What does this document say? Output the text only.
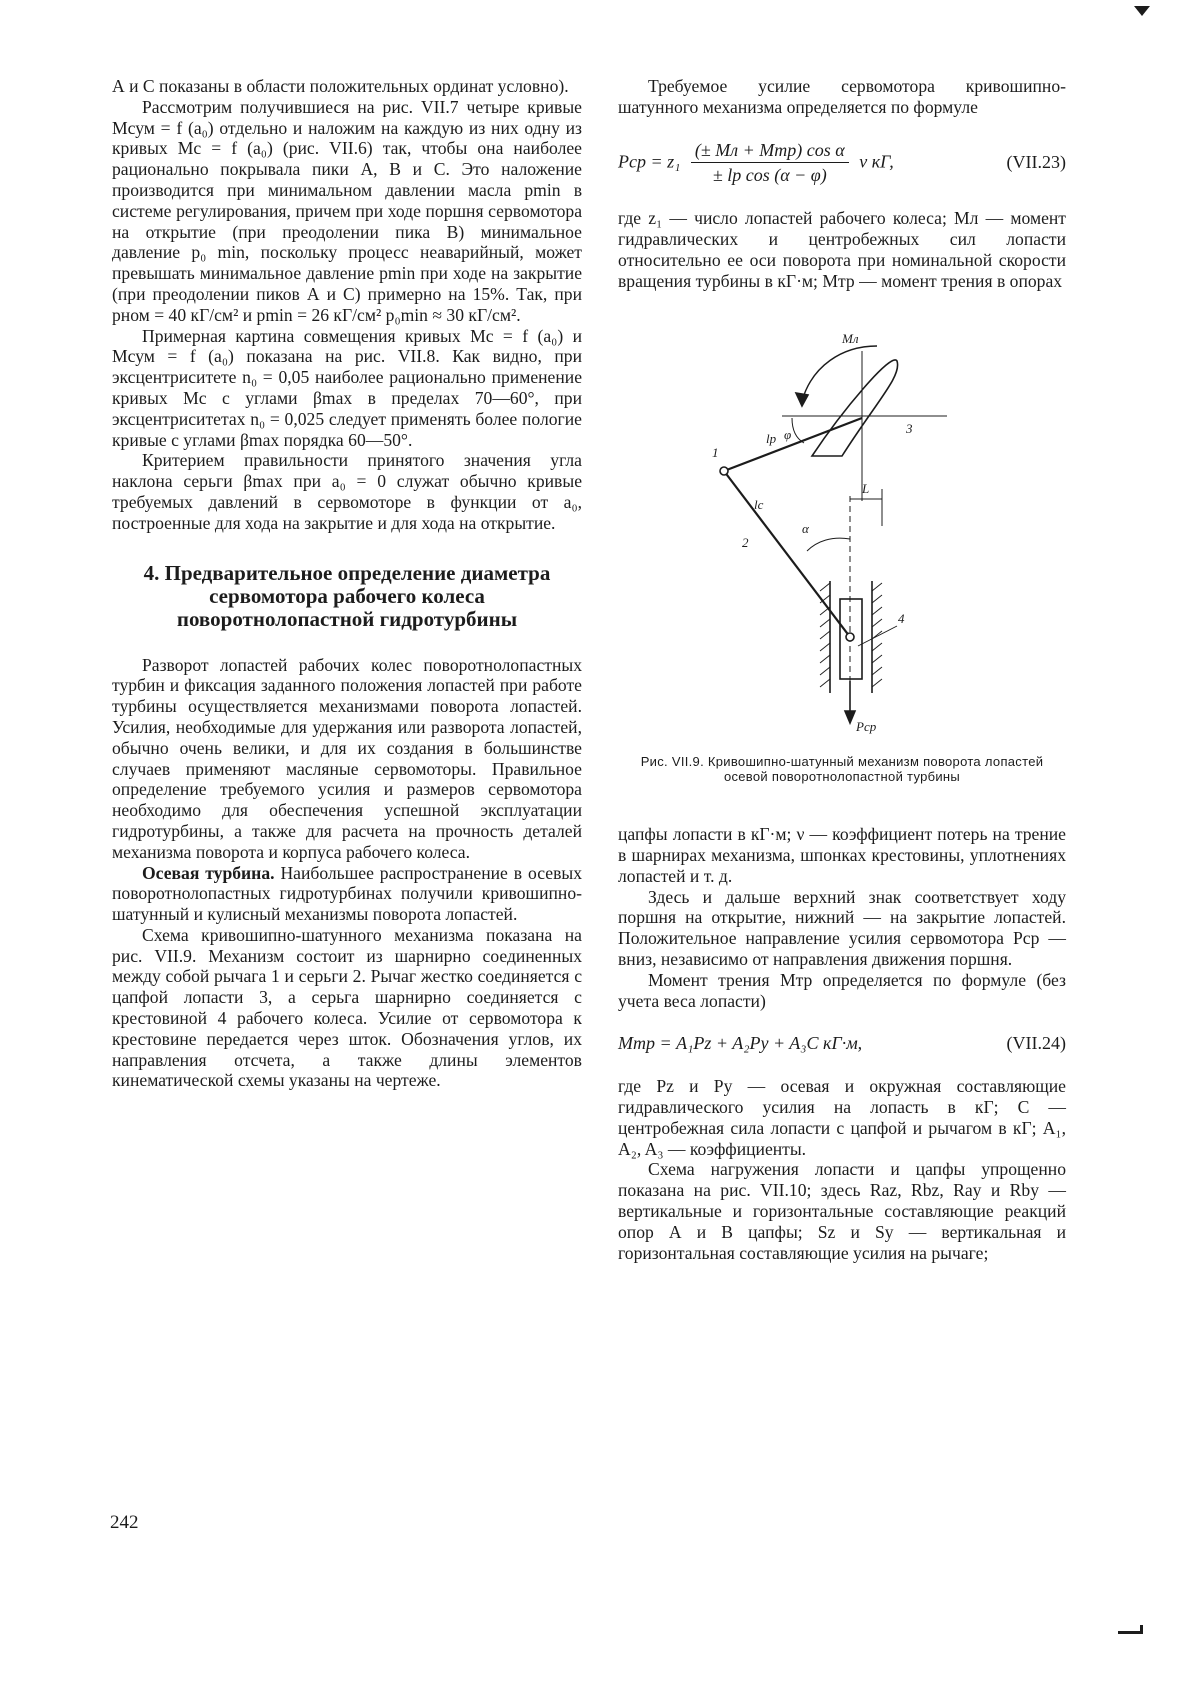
А и С показаны в области положительных ординат условно).

Рассмотрим получившиеся на рис. VII.7 четыре кривые Mсум = f (a₀) отдельно и наложим на каждую из них одну из кривых Mc = f (a₀) (рис. VII.6) так, чтобы она наиболее рационально покрывала пики А, В и С. Это наложение производится при минимальном давлении масла pmin в системе регулирования, причем при ходе поршня сервомотора на открытие (при преодолении пика В) минимальное давление p₀ min, поскольку процесс неаварийный, может превышать минимальное давление pmin при ходе на закрытие (при преодолении пиков А и С) примерно на 15%. Так, при pном = 40 кГ/см² и pmin = 26 кГ/см² p₀min ≈ 30 кГ/см².

Примерная картина совмещения кривых Mc = f (a₀) и Mсум = f (a₀) показана на рис. VII.8. Как видно, при эксцентриситете n₀ = 0,05 наиболее рационально применение кривых Mc с углами βmax в пределах 70—60°, при эксцентриситетах n₀ = 0,025 следует применять более пологие кривые с углами βmax порядка 60—50°.

Критерием правильности принятого значения угла наклона серьги βmax при a₀ = 0 служат обычно кривые требуемых давлений в сервомоторе в функции от a₀, построенные для хода на закрытие и для хода на открытие.

4. Предварительное определение диаметра сервомотора рабочего колеса поворотнолопастной гидротурбины

Разворот лопастей рабочих колес поворотнолопастных турбин и фиксация заданного положения лопастей при работе турбины осуществляется механизмами поворота лопастей. Усилия, необходимые для удержания или разворота лопастей, обычно очень велики, и для их создания в большинстве случаев применяют масляные сервомоторы. Правильное определение требуемого усилия и размеров сервомотора необходимо для обеспечения успешной эксплуатации гидротурбины, а также для расчета на прочность деталей механизма поворота и корпуса рабочего колеса.

Осевая турбина. Наибольшее распространение в осевых поворотнолопастных гидротурбинах получили кривошипно-шатунный и кулисный механизмы поворота лопастей.

Схема кривошипно-шатунного механизма показана на рис. VII.9. Механизм состоит из шарнирно соединенных между собой рычага 1 и серьги 2. Рычаг жестко соединяется с цапфой лопасти 3, а серьга шарнирно соединяется с крестовиной 4 рабочего колеса. Усилие от сервомотора к крестовине передается через шток. Обозначения углов, их направления отсчета, а также длины элементов кинематической схемы указаны на чертеже.

242

Требуемое усилие сервомотора кривошипно-шатунного механизма определяется по формуле

Pср = $z_1 \frac{\text{(± Mл + Mтр) cos α}}{\text{± lр cos (α − φ)}}$ ν кГ,	(VII.23)

где z₁ — число лопастей рабочего колеса; Mл — момент гидравлических и центробежных сил лопасти относительно ее оси поворота при номинальной скорости вращения турбины в кГ·м; Mтр — момент трения в опорах

Mл
φ
1
lр
3
lc
2
α
L
4
Pср
Рис. VII.9. Кривошипно-шатунный механизм поворота лопастей осевой поворотнолопастной турбины

цапфы лопасти в кГ·м; ν — коэффициент потерь на трение в шарнирах механизма, шпонках крестовины, уплотнениях лопастей и т. д.

Здесь и дальше верхний знак соответствует ходу поршня на открытие, нижний — на закрытие лопастей. Положительное направление усилия сервомотора Pср — вниз, независимо от направления движения поршня.

Момент трения Mтр определяется по формуле (без учета веса лопасти)

Mтр = A₁Pz + A₂Py + A₃C кГ·м,	(VII.24)

где Pz и Py — осевая и окружная составляющие гидравлического усилия на лопасть в кГ; C — центробежная сила лопасти с цапфой и рычагом в кГ; A₁, A₂, A₃ — коэффициенты.

Схема нагружения лопасти и цапфы упрощенно показана на рис. VII.10; здесь Raz, Rbz, Ray и Rby — вертикальные и горизонтальные составляющие реакций опор А и В цапфы; Sz и Sy — вертикальная и горизонтальная составляющие усилия на рычаге;
